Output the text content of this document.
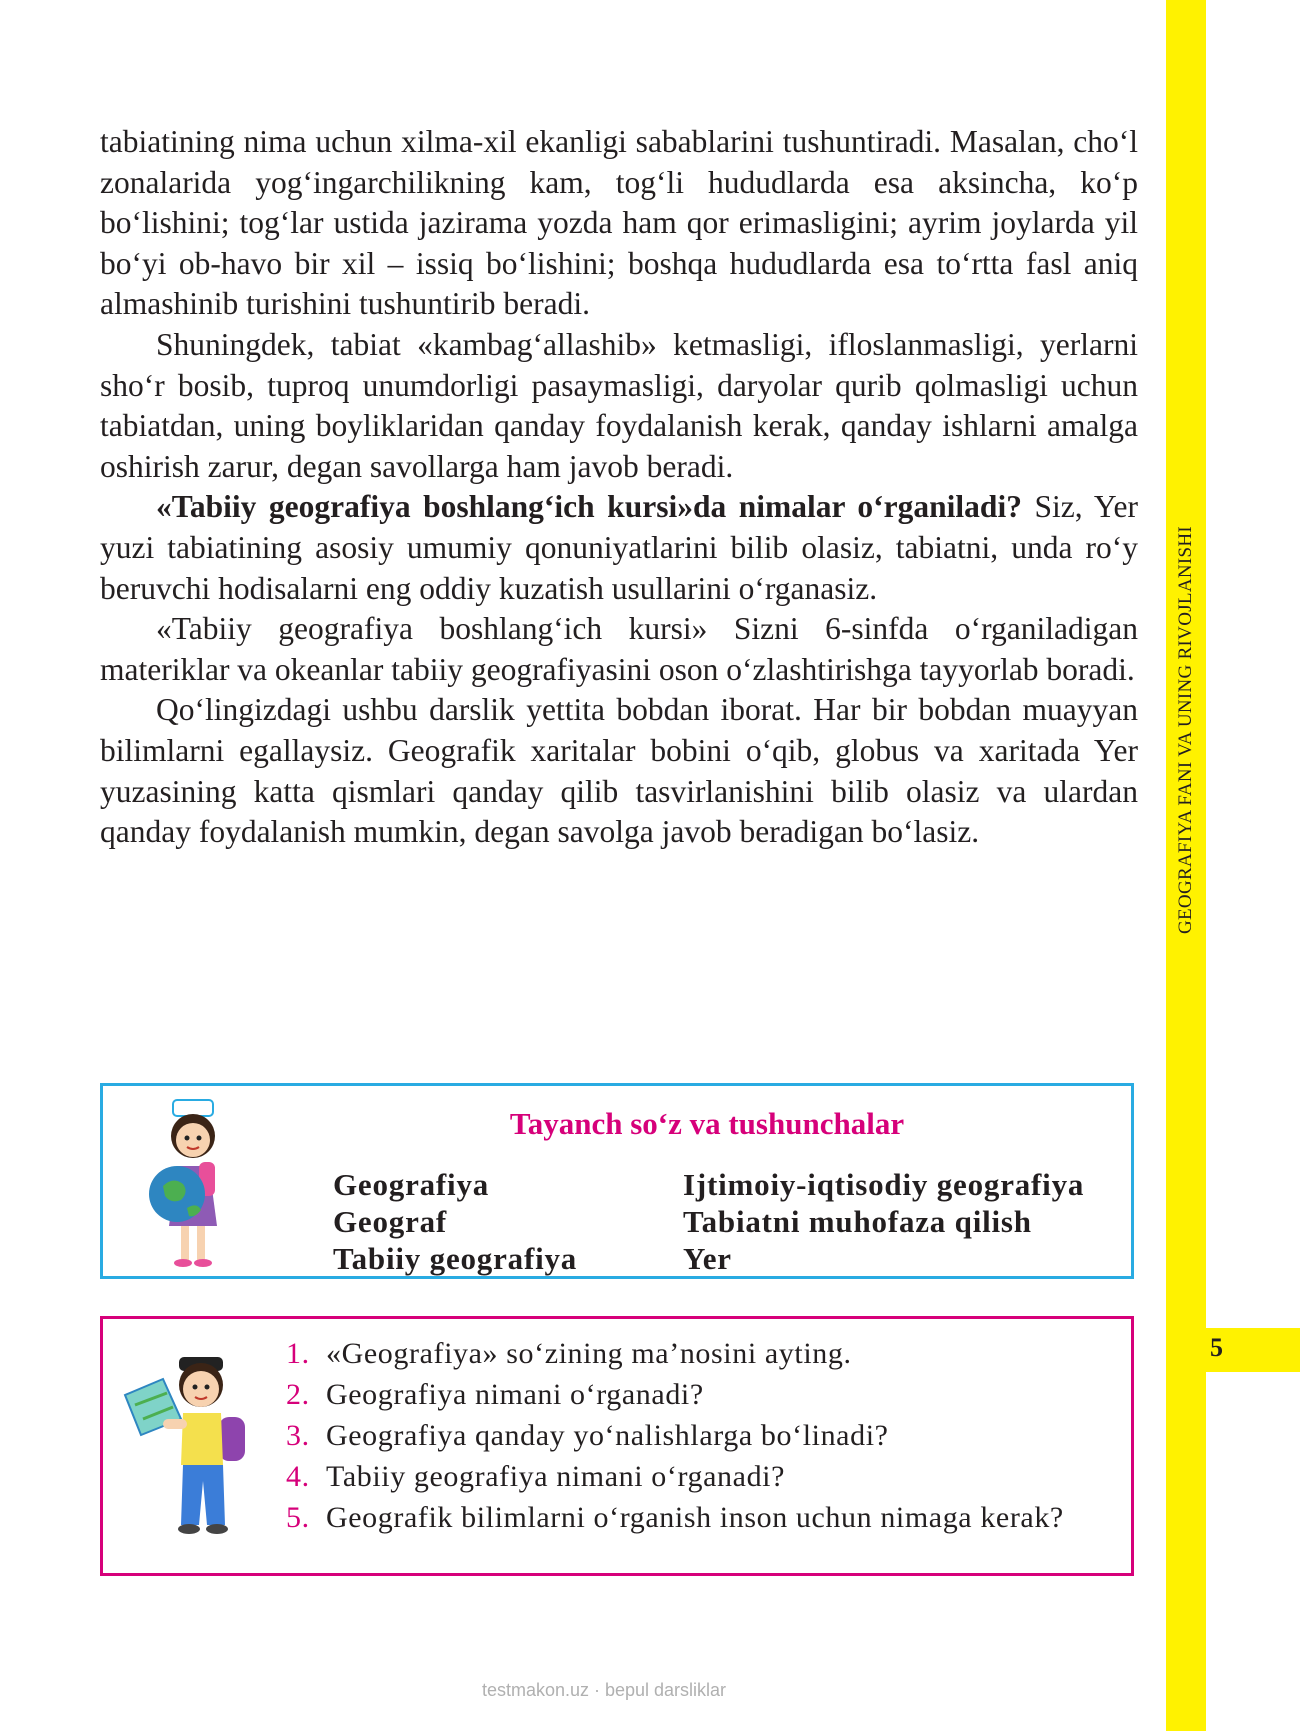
GEOGRAFIYA FANI VA UNING RIVOJLANISHI
5

tabiatining nima uchun xilma-xil ekanligi sabablarini tushuntiradi. Masalan, cho‘l zonalarida yog‘ingarchilikning kam, tog‘li hududlarda esa aksincha, ko‘p bo‘lishini; tog‘lar ustida jazirama yozda ham qor erimasligini; ayrim joylarda yil bo‘yi ob-havo bir xil – issiq bo‘lishini; boshqa hududlarda esa to‘rtta fasl aniq almashinib turishini tushuntirib beradi.

Shuningdek, tabiat «kambag‘allashib» ketmasligi, ifloslanmasligi, yerlarni sho‘r bosib, tuproq unumdorligi pasaymasligi, daryolar qurib qolmasligi uchun tabiatdan, uning boyliklaridan qanday foydalanish kerak, qanday ishlarni amalga oshirish zarur, degan savollarga ham javob beradi.

«Tabiiy geografiya boshlang‘ich kursi»da nimalar o‘rganiladi? Siz, Yer yuzi tabiatining asosiy umumiy qonuniyatlarini bilib olasiz, tabiatni, unda ro‘y beruvchi hodisalarni eng oddiy kuzatish usullarini o‘rganasiz.

«Tabiiy geografiya boshlang‘ich kursi» Sizni 6-sinfda o‘rganiladigan materiklar va okeanlar tabiiy geografiyasini oson o‘zlashtirishga tayyorlab boradi.

Qo‘lingizdagi ushbu darslik yettita bobdan iborat. Har bir bobdan muayyan bilimlarni egallaysiz. Geografik xaritalar bobini o‘qib, globus va xaritada Yer yuzasining katta qismlari qanday qilib tasvirlanishini bilib olasiz va ulardan qanday foydalanish mumkin, degan savolga javob beradigan bo‘lasiz.

Tayanch so‘z va tushunchalar
Geografiya
Geograf
Tabiiy geografiya
Ijtimoiy-iqtisodiy geografiya
Tabiatni muhofaza qilish
Yer
1. «Geografiya» so‘zining ma’nosini ayting.
2. Geografiya nimani o‘rganadi?
3. Geografiya qanday yo‘nalishlarga bo‘linadi?
4. Tabiiy geografiya nimani o‘rganadi?
5. Geografik bilimlarni o‘rganish inson uchun nimaga kerak?
testmakon.uz · bepul darsliklar
